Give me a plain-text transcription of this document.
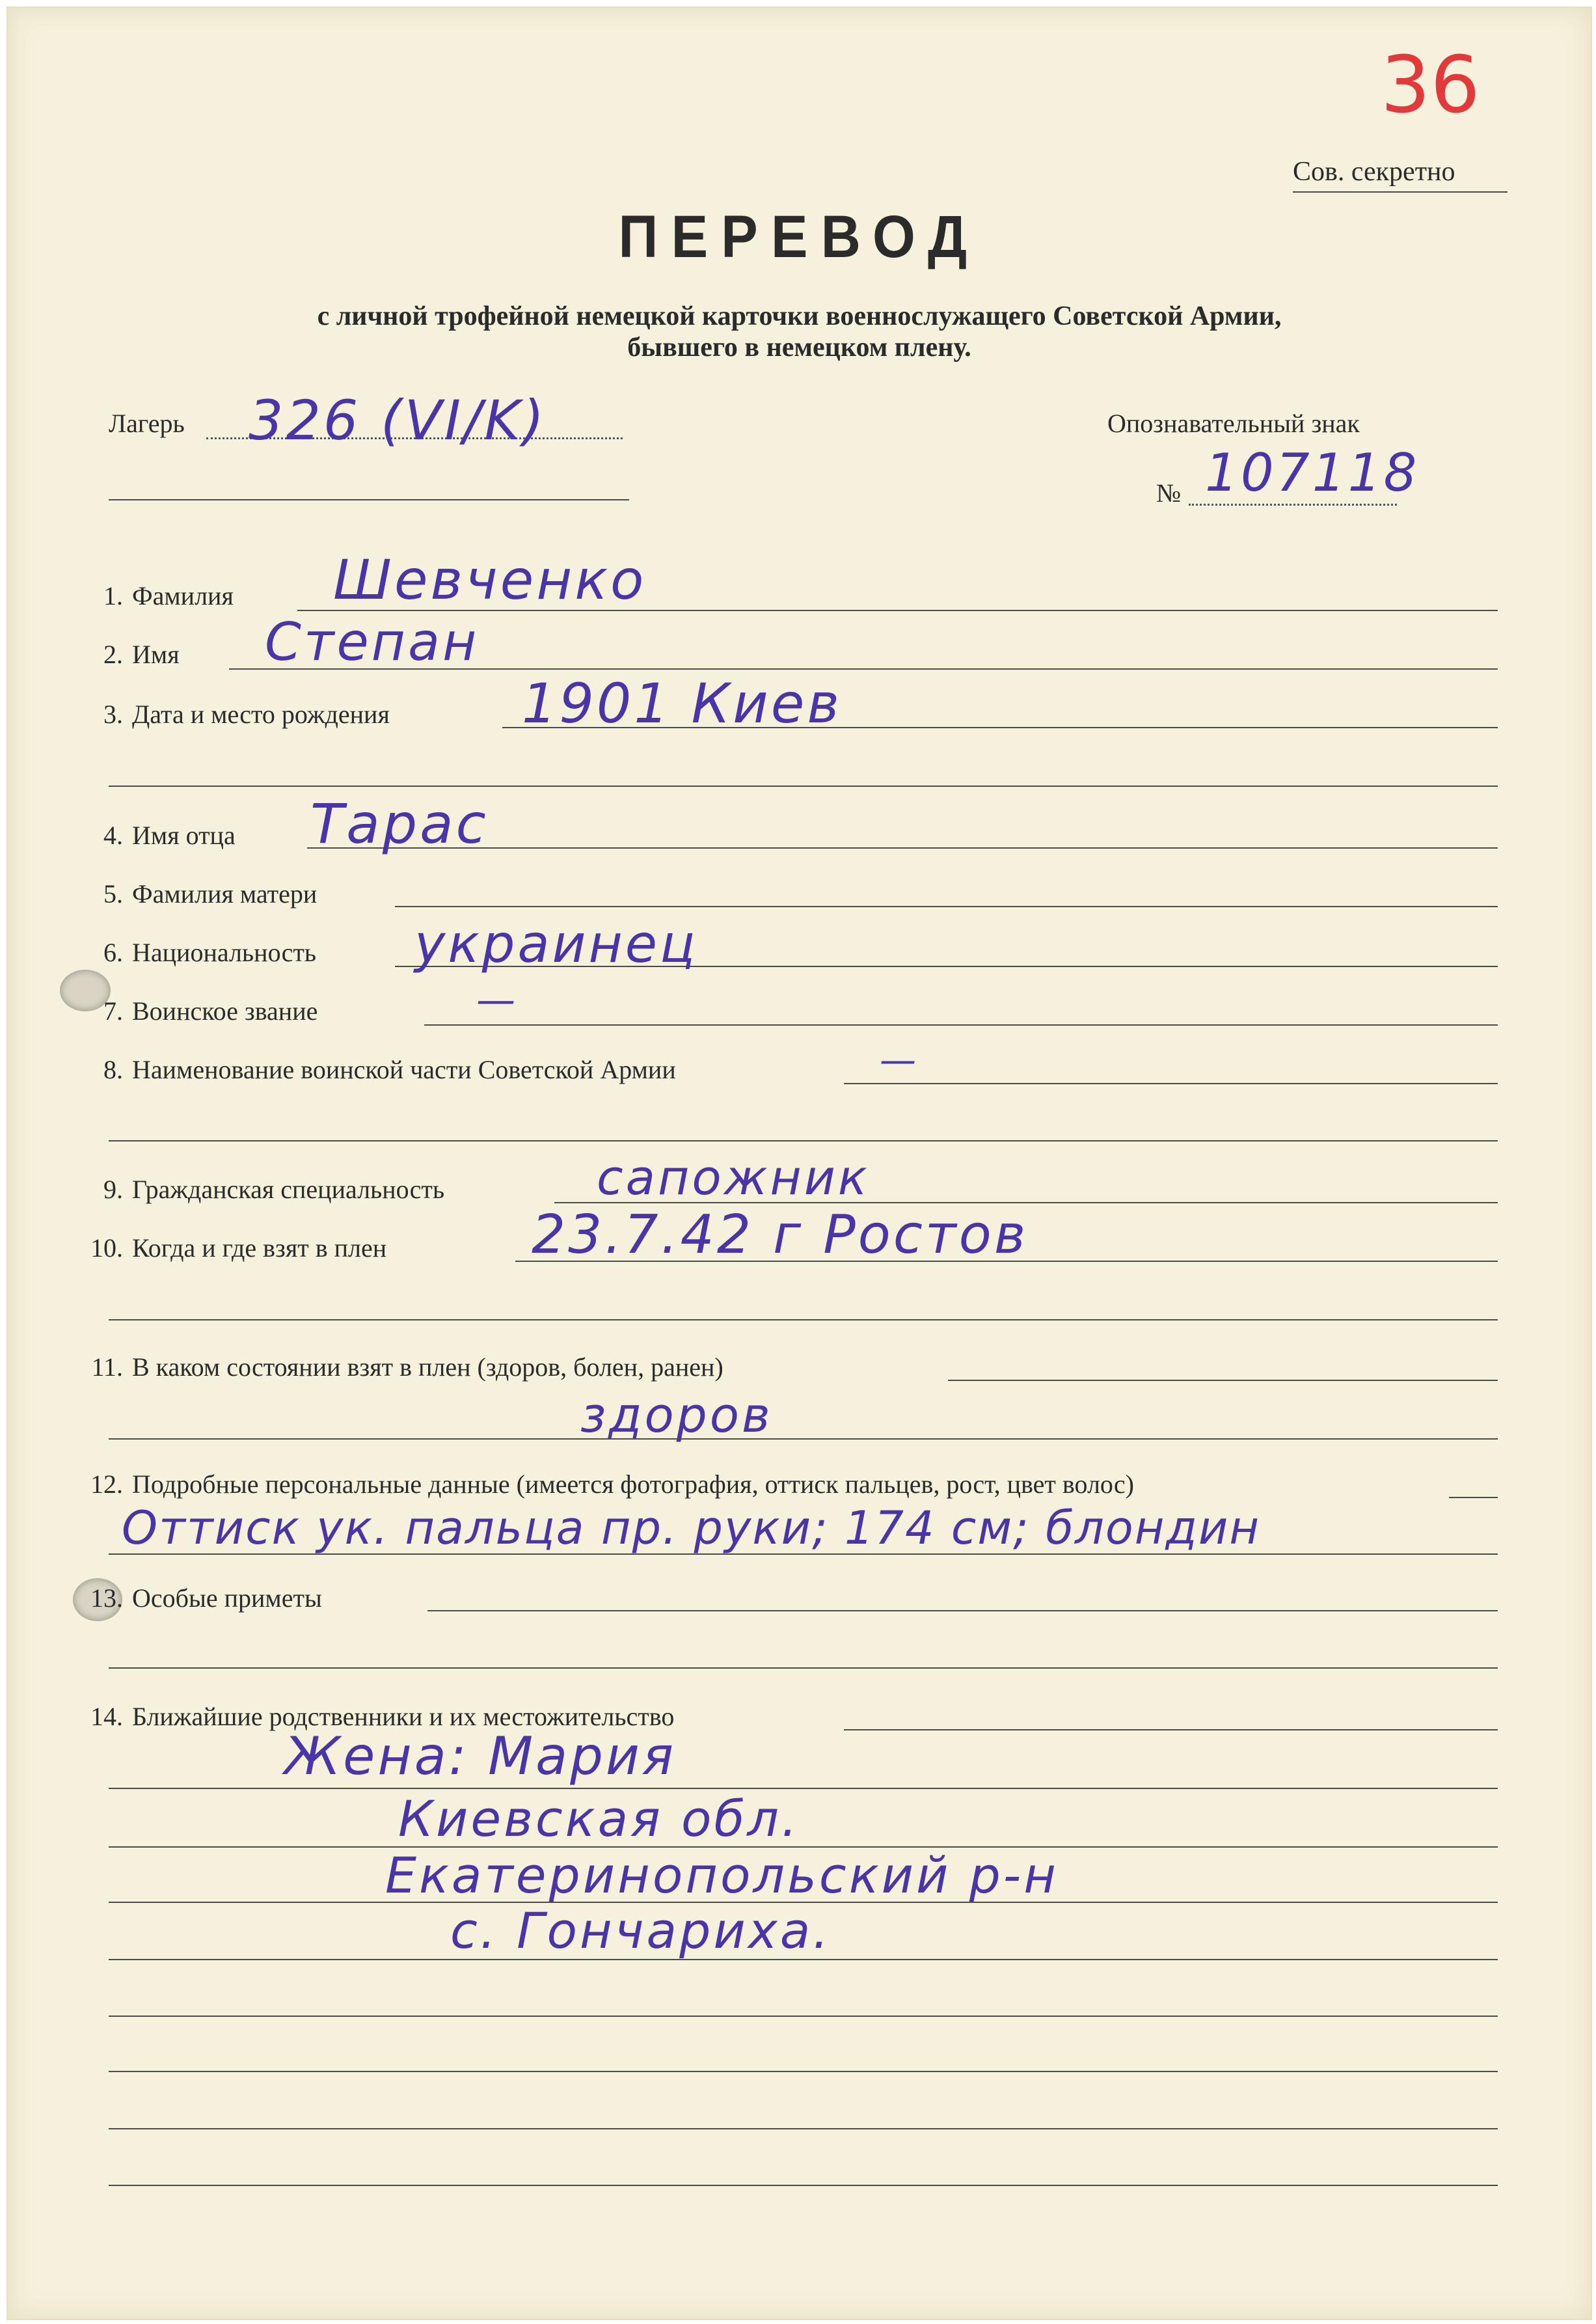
36
Сов. секретно
ПЕРЕВОД
с личной трофейной немецкой карточки военнослужащего Советской Армии,
бывшего в немецком плену.
Лагерь 326 (VI/K)	Опознавательный знак
№ 107118
1. Фамилия Шевченко
2. Имя Степан
3. Дата и место рождения 1901 Киев
4. Имя отца Тарас
5. Фамилия матери
6. Национальность украинец
7. Воинское звание	—
8. Наименование воинской части Советской Армии	—
9. Гражданская специальность	сапожник
10. Когда и где взят в плен	23.7.42 г Ростов
11. В каком состоянии взят в плен (здоров, болен, ранен)
здоров
12. Подробные персональные данные (имеется фотография, оттиск пальцев, рост, цвет волос)
Оттиск ук. пальца пр. руки; 174 см; блондин
13. Особые приметы
14. Ближайшие родственники и их местожительство
Жена: Мария
Киевская обл.
Екатеринопольский р-н
с. Гончариха.
